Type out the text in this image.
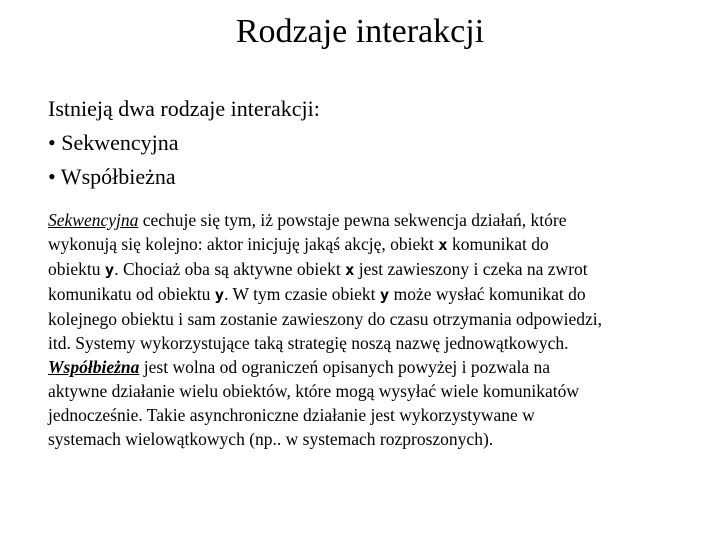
Rodzaje interakcji
Istnieją dwa rodzaje interakcji:
• Sekwencyjna
• Współbieżna
Sekwencyjna cechuje się tym, iż powstaje pewna sekwencja działań, które
wykonują się kolejno: aktor inicjuję jakąś akcję, obiekt x komunikat do
obiektu y. Chociaż oba są aktywne obiekt x jest zawieszony i czeka na zwrot
komunikatu od obiektu y. W tym czasie obiekt y może wysłać komunikat do
kolejnego obiektu i sam zostanie zawieszony do czasu otrzymania odpowiedzi,
itd. Systemy wykorzystujące taką strategię noszą nazwę jednowątkowych.
Współbieżna jest wolna od ograniczeń opisanych powyżej i pozwala na
aktywne działanie wielu obiektów, które mogą wysyłać wiele komunikatów
jednocześnie. Takie asynchroniczne działanie jest wykorzystywane w
systemach wielowątkowych (np.. w systemach rozproszonych).
